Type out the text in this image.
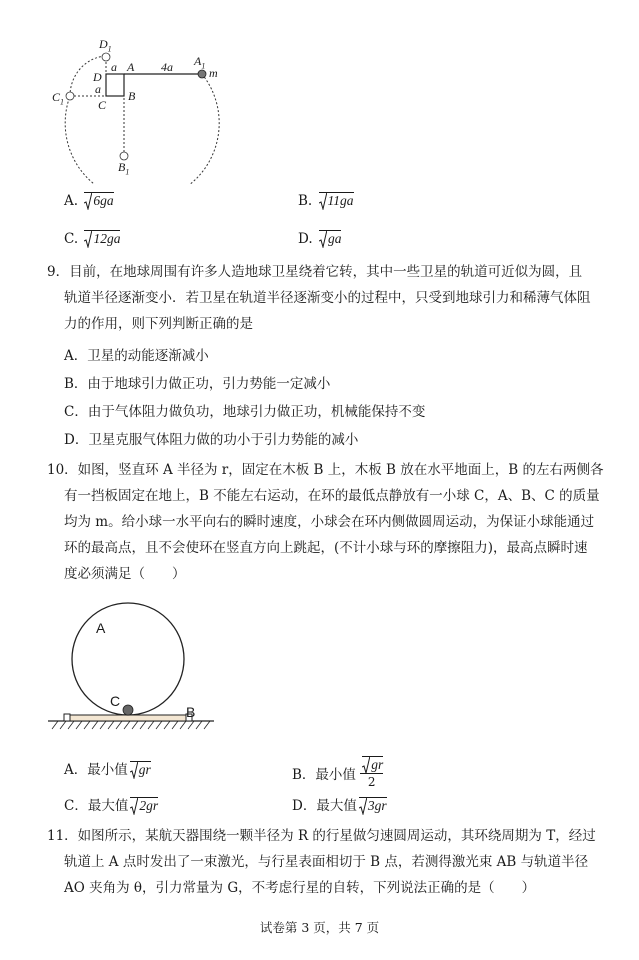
$D_1$
$A_1$
m
A
a	4a
D
a B
$C_1$	C
$B_1$
A. 6ga	B. 11ga
C. 12ga	D. ga
9．目前，在地球周围有许多人造地球卫星绕着它转，其中一些卫星的轨道可近似为圆，且
轨道半径逐渐变小．若卫星在轨道半径逐渐变小的过程中，只受到地球引力和稀薄气体阻
力的作用，则下列判断正确的是
A．卫星的动能逐渐减小
B．由于地球引力做正功，引力势能一定减小
C．由于气体阻力做负功，地球引力做正功，机械能保持不变
D．卫星克服气体阻力做的功小于引力势能的减小
10．如图，竖直环 A 半径为 r，固定在木板 B 上，木板 B 放在水平地面上，B 的左右两侧各
有一挡板固定在地上，B 不能左右运动，在环的最低点静放有一小球 C，A、B、C 的质量
均为 m。给小球一水平向右的瞬时速度，小球会在环内侧做圆周运动，为保证小球能通过
环的最高点，且不会使环在竖直方向上跳起，(不计小球与环的摩擦阻力)，最高点瞬时速
度必须满足（　　）
A
C
B
A．最小值 gr	B．最小值 $\frac{gr}{2}$
C．最大值 2gr	D．最大值 3gr
11．如图所示，某航天器围绕一颗半径为 R 的行星做匀速圆周运动，其环绕周期为 T，经过
轨道上 A 点时发出了一束激光，与行星表面相切于 B 点，若测得激光束 AB 与轨道半径
AO 夹角为 θ，引力常量为 G，不考虑行星的自转，下列说法正确的是（　　）
试卷第 3 页，共 7 页
